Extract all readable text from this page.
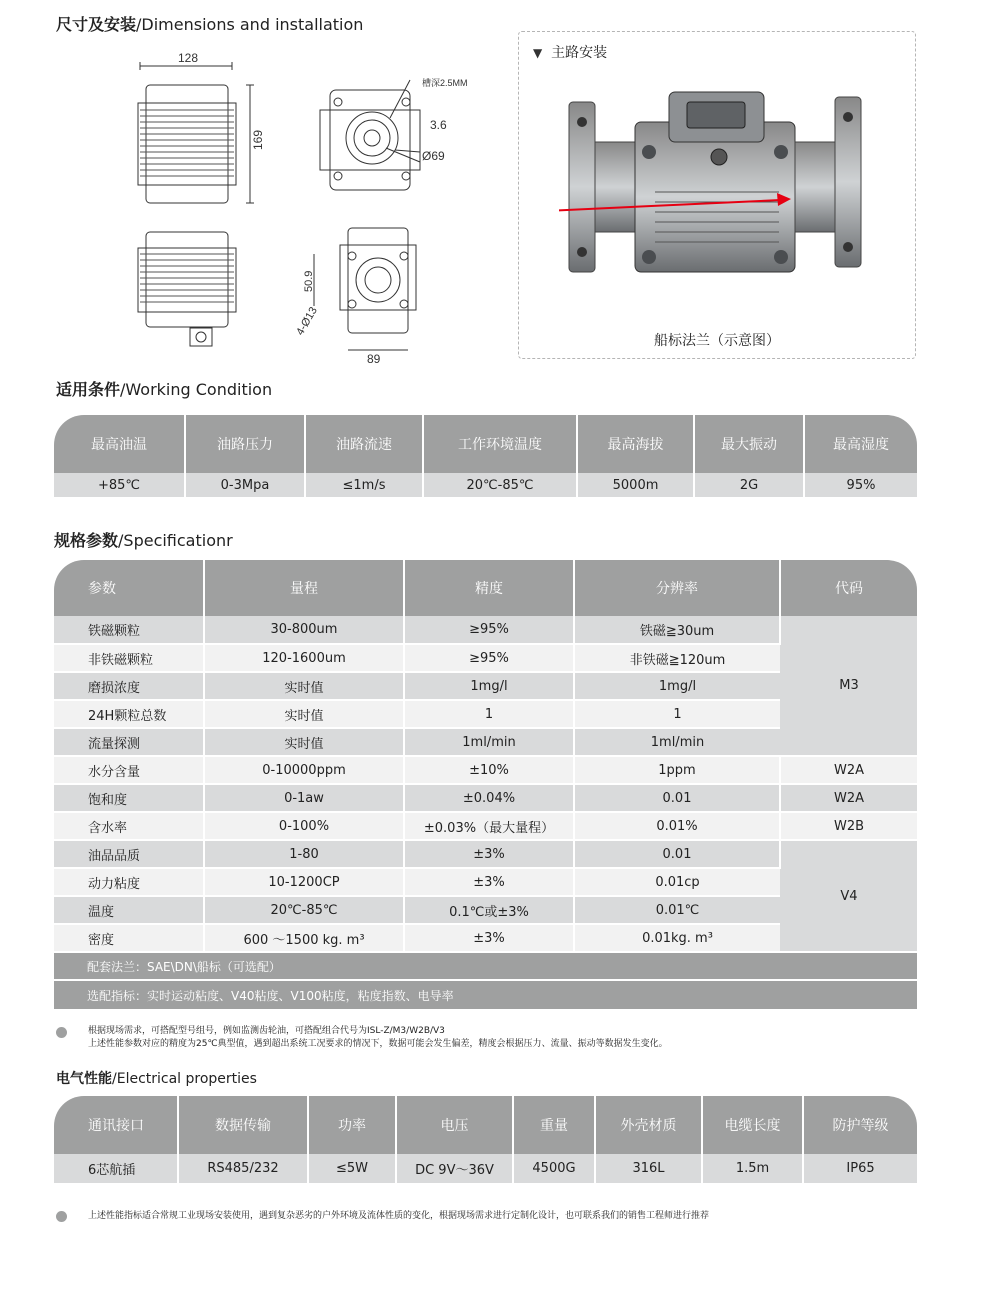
尺寸及安装/Dimensions and installation
128
169
槽深2.5MM
3.6
Ø69
50.9
4-Ø13
89
▼ 主路安装
船标法兰（示意图）
适用条件/Working Condition
最高油温	油路压力	油路流速	工作环境温度	最高海拔	最大振动	最高湿度
+85℃	0-3Mpa	≤1m/s	20℃-85℃	5000m	2G	95%
规格参数/Specificationr
参数	量程	精度	分辨率	代码
铁磁颗粒	30-800um	≥95%	铁磁≧30um	M3
非铁磁颗粒	120-1600um	≥95%	非铁磁≧120um	
磨损浓度	实时值	1mg/l	1mg/l	
24H颗粒总数	实时值	1	1	
流量探测	实时值	1ml/min	1ml/min	
水分含量	0-10000ppm	±10%	1ppm	W2A
饱和度	0-1aw	±0.04%	0.01	W2A
含水率	0-100%	±0.03%（最大量程）	0.01%	W2B
油品品质	1-80	±3%	0.01	V4
动力粘度	10-1200CP	±3%	0.01cp	
温度	20℃-85℃	0.1℃或±3%	0.01℃	
密度	600 ～1500 kg. m³	±3%	0.01kg. m³	
配套法兰：SAE\DN\船标（可选配）				
选配指标：实时运动粘度、V40粘度、V100粘度，粘度指数、电导率				
根据现场需求，可搭配型号组号，例如监测齿轮油，可搭配组合代号为ISL-Z/M3/W2B/V3
上述性能参数对应的精度为25℃典型值，遇到超出系统工况要求的情况下，数据可能会发生偏差，精度会根据压力、流量、振动等数据发生变化。
电气性能/Electrical properties
通讯接口	数据传输	功率	电压	重量	外壳材质	电缆长度	防护等级
6芯航插	RS485/232	≤5W	DC 9V～36V	4500G	316L	1.5m	IP65
上述性能指标适合常规工业现场安装使用，遇到复杂恶劣的户外环境及流体性质的变化，根据现场需求进行定制化设计，也可联系我们的销售工程师进行推荐
